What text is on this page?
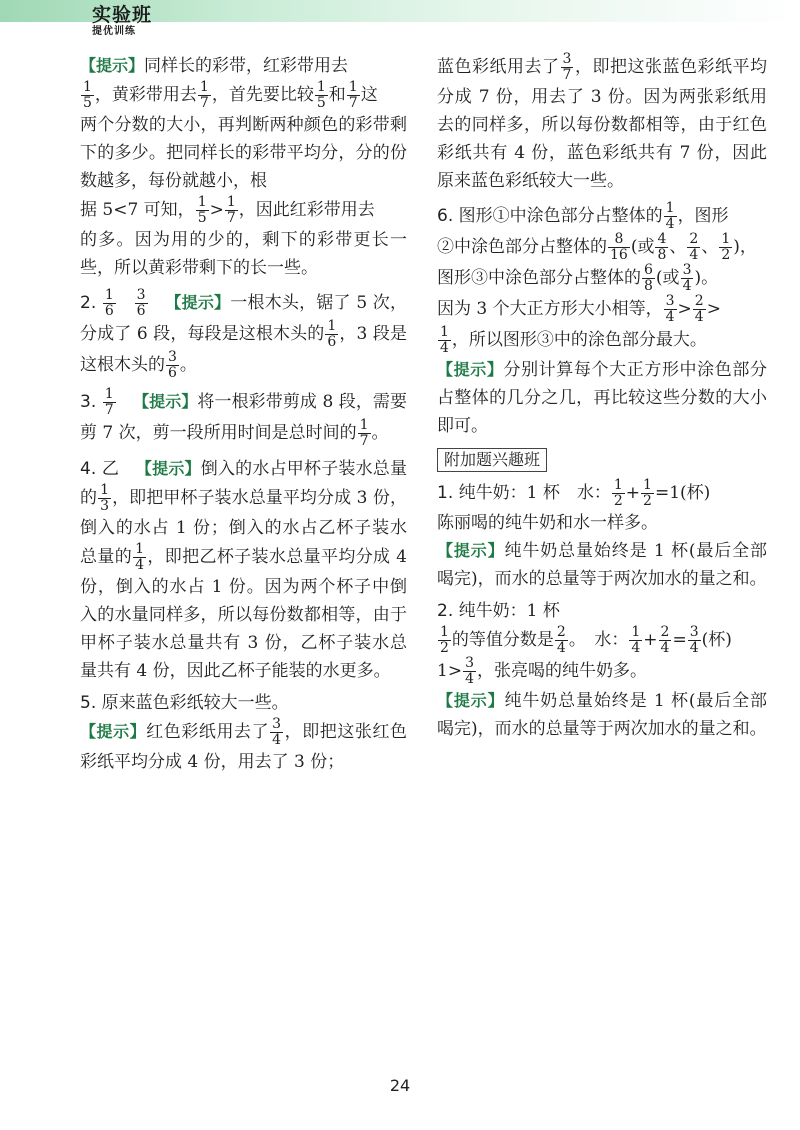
实验班
提优训练

【提示】同样长的彩带，红彩带用去

$\frac{1}{5}$ ，黄彩带用去 $\frac{1}{7}$ ，首先要比较 $\frac{1}{5}$ 和 $\frac{1}{7}$ 这
两个分数的大小，再判断两种颜色的彩带剩下的多少。把同样长的彩带平均分，分的份数越多，每份就越小，根
据 5<7 可知， $\frac{1}{5} > \frac{1}{7}$ ，因此红彩带用去
的多。因为用的少的，剩下的彩带更长一些，所以黄彩带剩下的长一些。

2. $\frac{1}{6}$
$\frac{3}{6}$ 【提示】一根木头，锯了 5 次，分成了 6 段，每段是这根木头的 $\frac{1}{6}$ ，3 段是这根木头的 $\frac{3}{6}$ 。

3. $\frac{1}{7}$ 【提示】将一根彩带剪成 8 段，需要剪 7 次，剪一段所用时间是总时间的 $\frac{1}{7}$ 。

4. 乙 【提示】倒入的水占甲杯子装水总量的 $\frac{1}{3}$ ，即把甲杯子装水总量平均分成 3 份，倒入的水占 1 份；倒入的水占乙杯子装水总量的 $\frac{1}{4}$ ，即把乙杯子装水总量平均分成 4 份，倒入的水占 1 份。因为两个杯子中倒入的水量同样多，所以每份数都相等，由于甲杯子装水总量共有 3 份，乙杯子装水总量共有 4 份，因此乙杯子能装的水更多。

5. 原来蓝色彩纸较大一些。
【提示】红色彩纸用去了 $\frac{3}{4}$ ，即把这张红色彩纸平均分成 4 份，用去了 3 份；

蓝色彩纸用去了 $\frac{3}{7}$ ，即把这张蓝色彩纸平均分成 7 份，用去了 3 份。因为两张彩纸用去的同样多，所以每份数都相等，由于红色彩纸共有 4 份，蓝色彩纸共有 7 份，因此原来蓝色彩纸较大一些。

6. 图形①中涂色部分占整体的 $\frac{1}{4}$ ，图形
②中涂色部分占整体的 $\frac{8}{16}$ (或 $\frac{4}{8}$ 、 $\frac{2}{4}$ 、 $\frac{1}{2}$ )，
图形③中涂色部分占整体的 $\frac{6}{8}$ (或 $\frac{3}{4}$ )。
因为 3 个大正方形大小相等， $\frac{3}{4} > \frac{2}{4}$ >

$\frac{1}{4}$ ，所以图形③中的涂色部分最大。
【提示】分别计算每个大正方形中涂色部分占整体的几分之几，再比较这些分数的大小即可。

附加题兴趣班

1. 纯牛奶：1 杯　水： $\frac{1}{2} + \frac{1}{2} =1$(杯)
陈丽喝的纯牛奶和水一样多。
【提示】纯牛奶总量始终是 1 杯(最后全部喝完)，而水的总量等于两次加水的量之和。

2. 纯牛奶：1 杯

$\frac{1}{2}$ 的等值分数是 $\frac{2}{4}$ 。　水： $\frac{1}{4} + \frac{2}{4} = \frac{3}{4}$ (杯)
$1> \frac{3}{4}$ ，张亮喝的纯牛奶多。
【提示】纯牛奶总量始终是 1 杯(最后全部喝完)，而水的总量等于两次加水的量之和。

24
